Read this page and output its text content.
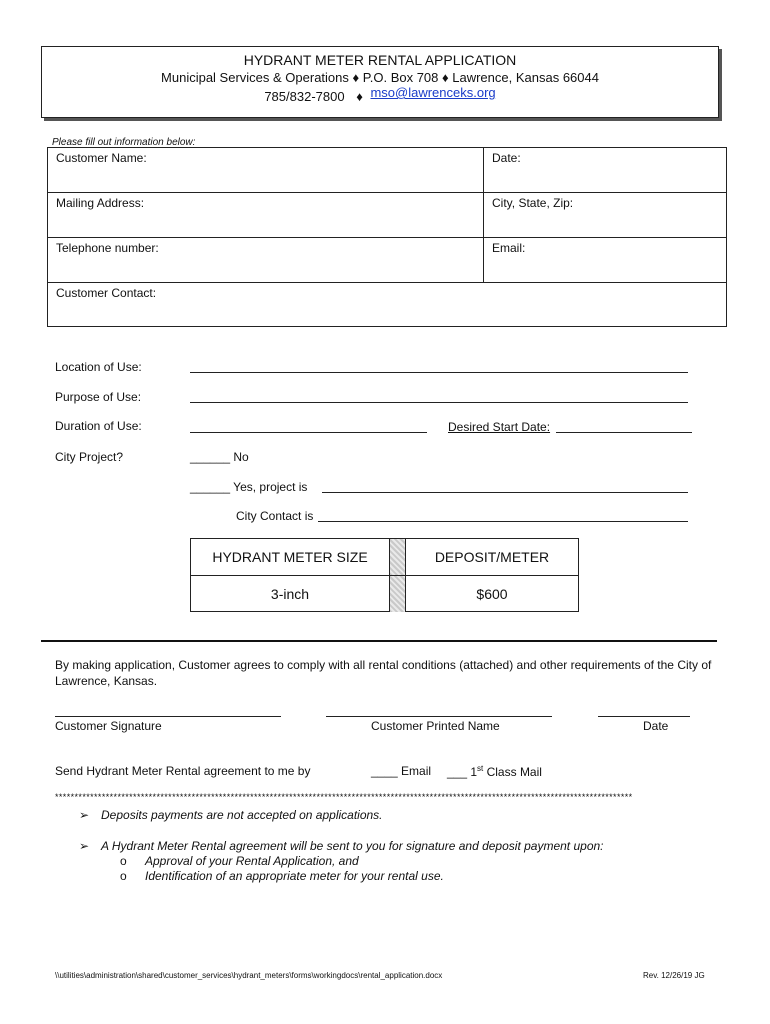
HYDRANT METER RENTAL APPLICATION
Municipal Services & Operations ♦ P.O. Box 708 ♦ Lawrence, Kansas 66044
785/832-7800 ♦ mso@lawrenceks.org
Please fill out information below:
Customer Name:	Date:
Mailing Address:	City, State, Zip:
Telephone number:	Email:
Customer Contact:
Location of Use:
Purpose of Use:
Duration of Use:	Desired Start Date:
City Project?	______ No
______ Yes, project is
City Contact is
HYDRANT METER SIZE	DEPOSIT/METER
3-inch	$600
By making application, Customer agrees to comply with all rental conditions (attached) and other requirements of the City of Lawrence, Kansas.
Customer Signature	Customer Printed Name	Date
Send Hydrant Meter Rental agreement to me by	____ Email ___ 1st Class Mail
****************************************************************************************************************************************************
➢ Deposits payments are not accepted on applications.
➢ A Hydrant Meter Rental agreement will be sent to you for signature and deposit payment upon:
o Approval of your Rental Application, and
o Identification of an appropriate meter for your rental use.
\\utilities\administration\shared\customer_services\hydrant_meters\forms\workingdocs\rental_application.docx	Rev. 12/26/19 JG
